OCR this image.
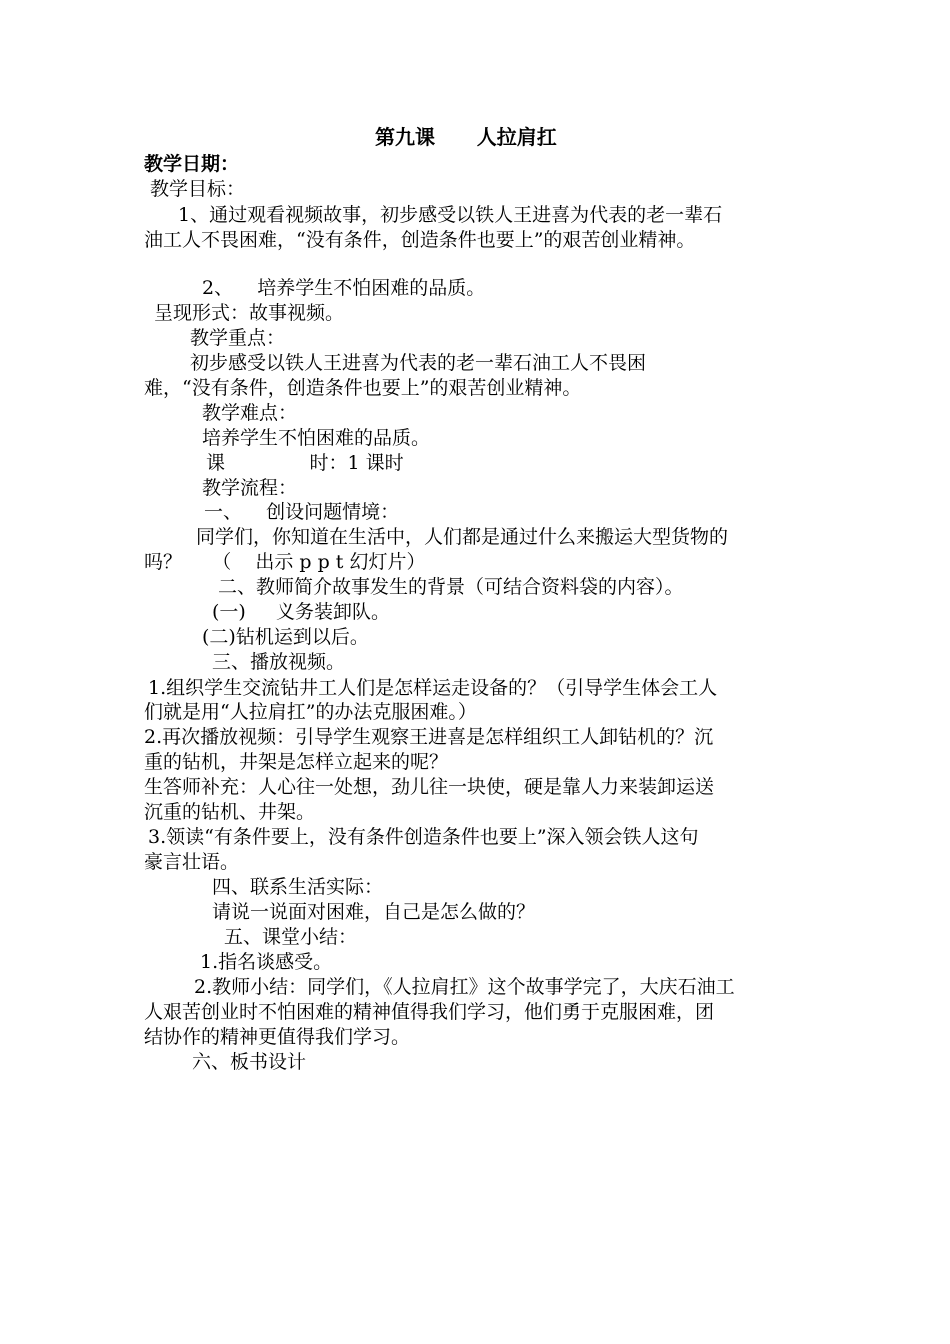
第九课      人拉肩扛
教学日期：
教学目标：
1、通过观看视频故事，初步感受以铁人王进喜为代表的老一辈石
油工人不畏困难，“没有条件，创造条件也要上”的艰苦创业精神。
2、    培养学生不怕困难的品质。
呈现形式：故事视频。
教学重点：
初步感受以铁人王进喜为代表的老一辈石油工人不畏困
难，“没有条件，创造条件也要上”的艰苦创业精神。
教学难点：
培养学生不怕困难的品质。
课              时：1 课时
教学流程：
一、    创设问题情境：
同学们，你知道在生活中，人们都是通过什么来搬运大型货物的
吗？     （    出示 p p t 幻灯片）
二、教师简介故事发生的背景（可结合资料袋的内容）。
(一)     义务装卸队。
(二)钻机运到以后。
三、播放视频。
1.组织学生交流钻井工人们是怎样运走设备的？（引导学生体会工人
们就是用“人拉肩扛”的办法克服困难。）
2.再次播放视频：引导学生观察王进喜是怎样组织工人卸钻机的？沉
重的钻机，井架是怎样立起来的呢？
生答师补充：人心往一处想，劲儿往一块使，硬是靠人力来装卸运送
沉重的钻机、井架。
3.领读“有条件要上，没有条件创造条件也要上”深入领会铁人这句
豪言壮语。
四、联系生活实际：
请说一说面对困难，自己是怎么做的？
五、课堂小结：
1.指名谈感受。
2.教师小结：同学们，《人拉肩扛》这个故事学完了，大庆石油工
人艰苦创业时不怕困难的精神值得我们学习，他们勇于克服困难，团
结协作的精神更值得我们学习。
六、板书设计
